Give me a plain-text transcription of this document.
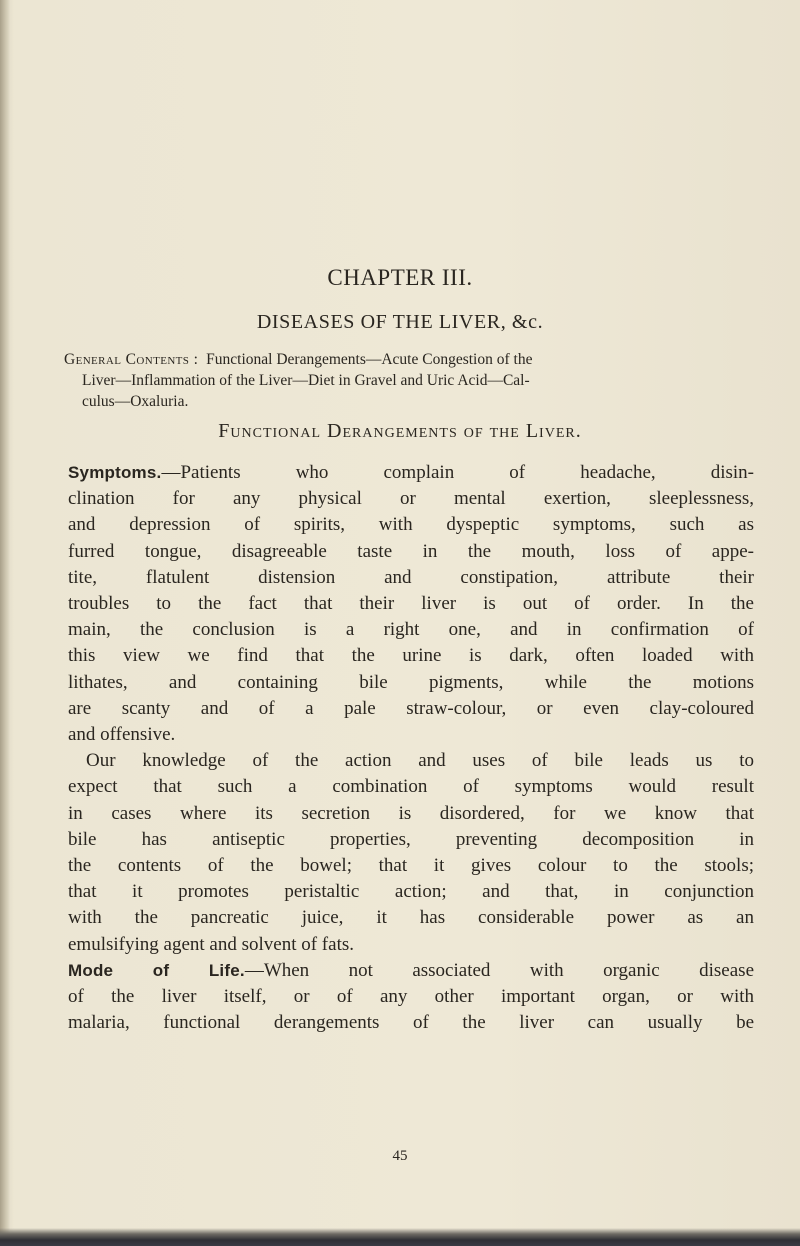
CHAPTER III.
DISEASES OF THE LIVER, &c.
General Contents : Functional Derangements—Acute Congestion of the
Liver—Inflammation of the Liver—Diet in Gravel and Uric Acid—Cal-
culus—Oxaluria.
Functional Derangements of the Liver.
Symptoms.—Patients who complain of headache, disin-
clination for any physical or mental exertion, sleeplessness,
and depression of spirits, with dyspeptic symptoms, such as
furred tongue, disagreeable taste in the mouth, loss of appe-
tite, flatulent distension and constipation, attribute their
troubles to the fact that their liver is out of order. In the
main, the conclusion is a right one, and in confirmation of
this view we find that the urine is dark, often loaded with
lithates, and containing bile pigments, while the motions
are scanty and of a pale straw-colour, or even clay-coloured
and offensive.
Our knowledge of the action and uses of bile leads us to
expect that such a combination of symptoms would result
in cases where its secretion is disordered, for we know that
bile has antiseptic properties, preventing decomposition in
the contents of the bowel; that it gives colour to the stools;
that it promotes peristaltic action; and that, in conjunction
with the pancreatic juice, it has considerable power as an
emulsifying agent and solvent of fats.
Mode of Life.—When not associated with organic disease
of the liver itself, or of any other important organ, or with
malaria, functional derangements of the liver can usually be
45
